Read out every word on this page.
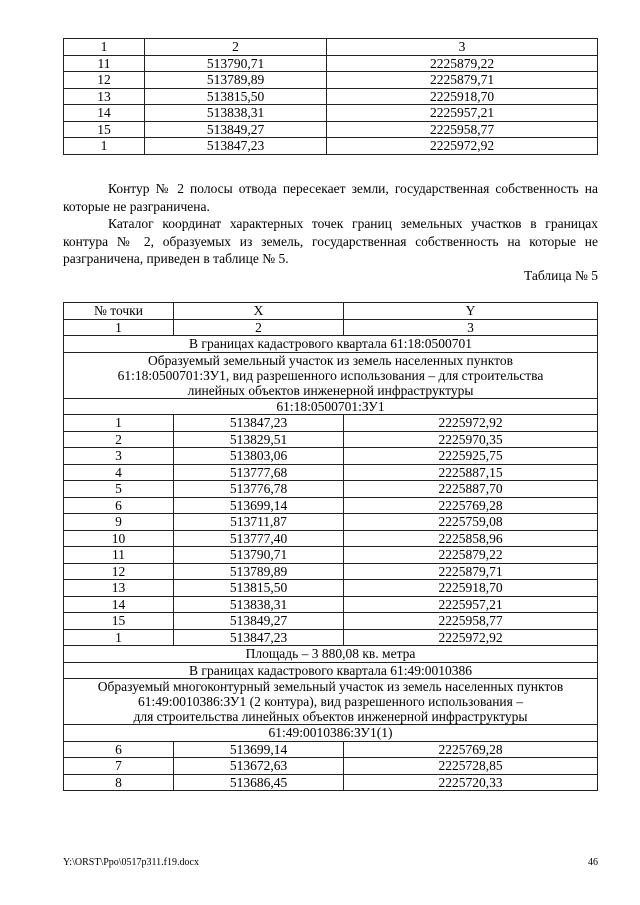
1	2	3
11	513790,71	2225879,22
12	513789,89	2225879,71
13	513815,50	2225918,70
14	513838,31	2225957,21
15	513849,27	2225958,77
1	513847,23	2225972,92
Контур № 2 полосы отвода пересекает земли, государственная собственность на которые не разграничена.
Каталог координат характерных точек границ земельных участков в границах контура № 2, образуемых из земель, государственная собственность на которые не разграничена, приведен в таблице № 5.
Таблица № 5
№ точки	X	Y
1	2	3
В границах кадастрового квартала 61:18:0500701		

Образуемый земельный участок из земель населенных пунктов
61:18:0500701:ЗУ1, вид разрешенного использования – для строительства
линейных объектов инженерной инфраструктуры		

61:18:0500701:ЗУ1		
1	513847,23	2225972,92
2	513829,51	2225970,35
3	513803,06	2225925,75
4	513777,68	2225887,15
5	513776,78	2225887,70
6	513699,14	2225769,28
9	513711,87	2225759,08
10	513777,40	2225858,96
11	513790,71	2225879,22
12	513789,89	2225879,71
13	513815,50	2225918,70
14	513838,31	2225957,21
15	513849,27	2225958,77
1	513847,23	2225972,92
Площадь – 3 880,08 кв. метра		
В границах кадастрового квартала 61:49:0010386		

Образуемый многоконтурный земельный участок из земель населенных пунктов
61:49:0010386:ЗУ1 (2 контура), вид разрешенного использования –
для строительства линейных объектов инженерной инфраструктуры		

61:49:0010386:ЗУ1(1)		
6	513699,14	2225769,28
7	513672,63	2225728,85
8	513686,45	2225720,33
Y:\ORST\Ppo\0517p311.f19.docx	46
